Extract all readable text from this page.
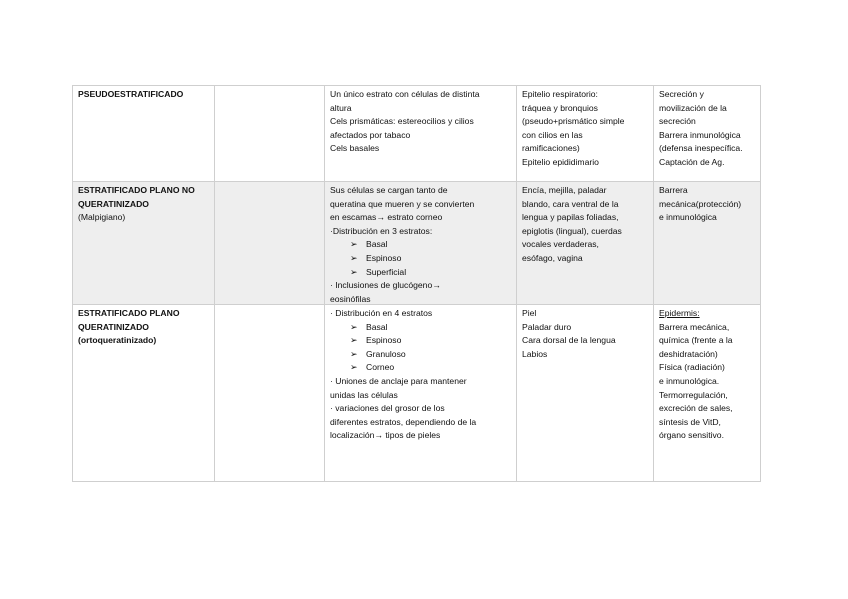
PSEUDOESTRATIFICADO	Un único estrato con células de distinta
altura
Cels prismáticas: estereocilios y cilios
afectados por tabaco
Cels basales
Epitelio respiratorio:
tráquea y bronquios
(pseudo+prismático simple
con cilios en las
ramificaciones)
Epitelio epididimario
Secreción y
movilización de la
secreción
Barrera inmunológica
(defensa inespecífica.
Captación de Ag.
ESTRATIFICADO PLANO NO
QUERATINIZADO
(Malpigiano)
Sus células se cargan tanto de
queratina que mueren y se convierten
en escamas→ estrato corneo
·Distribución en 3 estratos:
➢ Basal
➢ Espinoso
➢ Superficial
· Inclusiones de glucógeno→
eosinófilas
Encía, mejilla, paladar
blando, cara ventral de la
lengua y papilas foliadas,
epiglotis (lingual), cuerdas
vocales verdaderas,
esófago, vagina
Barrera
mecánica(protección)
e inmunológica
ESTRATIFICADO PLANO
QUERATINIZADO
(ortoqueratinizado)
· Distribución en 4 estratos
➢ Basal
➢ Espinoso
➢ Granuloso
➢ Corneo
· Uniones de anclaje para mantener
unidas las células
· variaciones del grosor de los
diferentes estratos, dependiendo de la
localización→ tipos de pieles
Piel
Paladar duro
Cara dorsal de la lengua
Labios
Epidermis:
Barrera mecánica,
química (frente a la
deshidratación)
Física (radiación)
e inmunológica.
Termorregulación,
excreción de sales,
síntesis de VitD,
órgano sensitivo.
